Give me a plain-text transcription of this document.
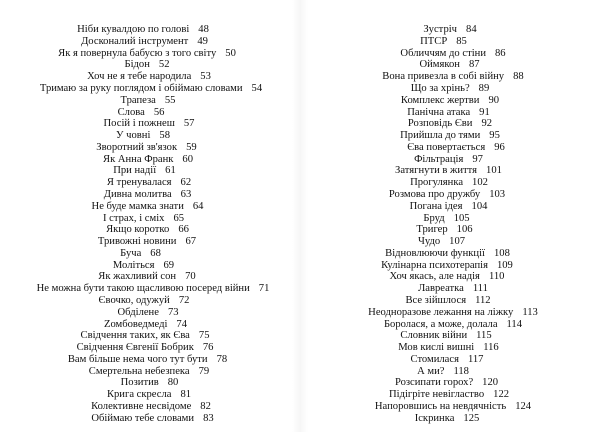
Ніби кувалдою по голові 48
Досконалий інструмент 49
Як я повернула бабусю з того світу 50
Бідон 52
Хоч не я тебе народила 53
Тримаю за руку поглядом і обіймаю словами 54
Трапеза 55
Слова 56
Посій і пожнеш 57
У човні 58
Зворотний зв'язок 59
Як Анна Франк 60
При надії 61
Я тренувалася 62
Дивна молитва 63
Не буде мамка знати 64
І страх, і сміх 65
Якщо коротко 66
Тривожні новини 67
Буча 68
Моліться 69
Як жахливий сон 70
Не можна бути такою щасливою посеред війни 71
Євочко, одужуй 72
Обділене 73
Zомбоведмеді 74
Свідчення таких, як Єва 75
Свідчення Євгенії Бобрик 76
Вам більше нема чого тут бути 78
Смертельна небезпека 79
Позитив 80
Крига скресла 81
Колективне несвідоме 82
Обіймаю тебе словами 83
Зустріч 84
ПТСР 85
Обличчям до стіни 86
Оймякон 87
Вона привезла в собі війну 88
Що за хрінь? 89
Комплекс жертви 90
Панічна атака 91
Розповідь Єви 92
Прийшла до тями 95
Єва повертається 96
Фільтрація 97
Затягнути в життя 101
Прогулянка 102
Розмова про дружбу 103
Погана ідея 104
Бруд 105
Тригер 106
Чудо 107
Відновлюючи функції 108
Кулінарна психотерапія 109
Хоч якась, але надія 110
Лавреатка 111
Все зійшлося 112
Неодноразове лежання на ліжку 113
Боролася, а може, долала 114
Словник війни 115
Мов кислі вишні 116
Стомилася 117
А ми? 118
Розсипати горох? 120
Підігріте невігластво 122
Напоровшись на невдячність 124
Іскринка 125
